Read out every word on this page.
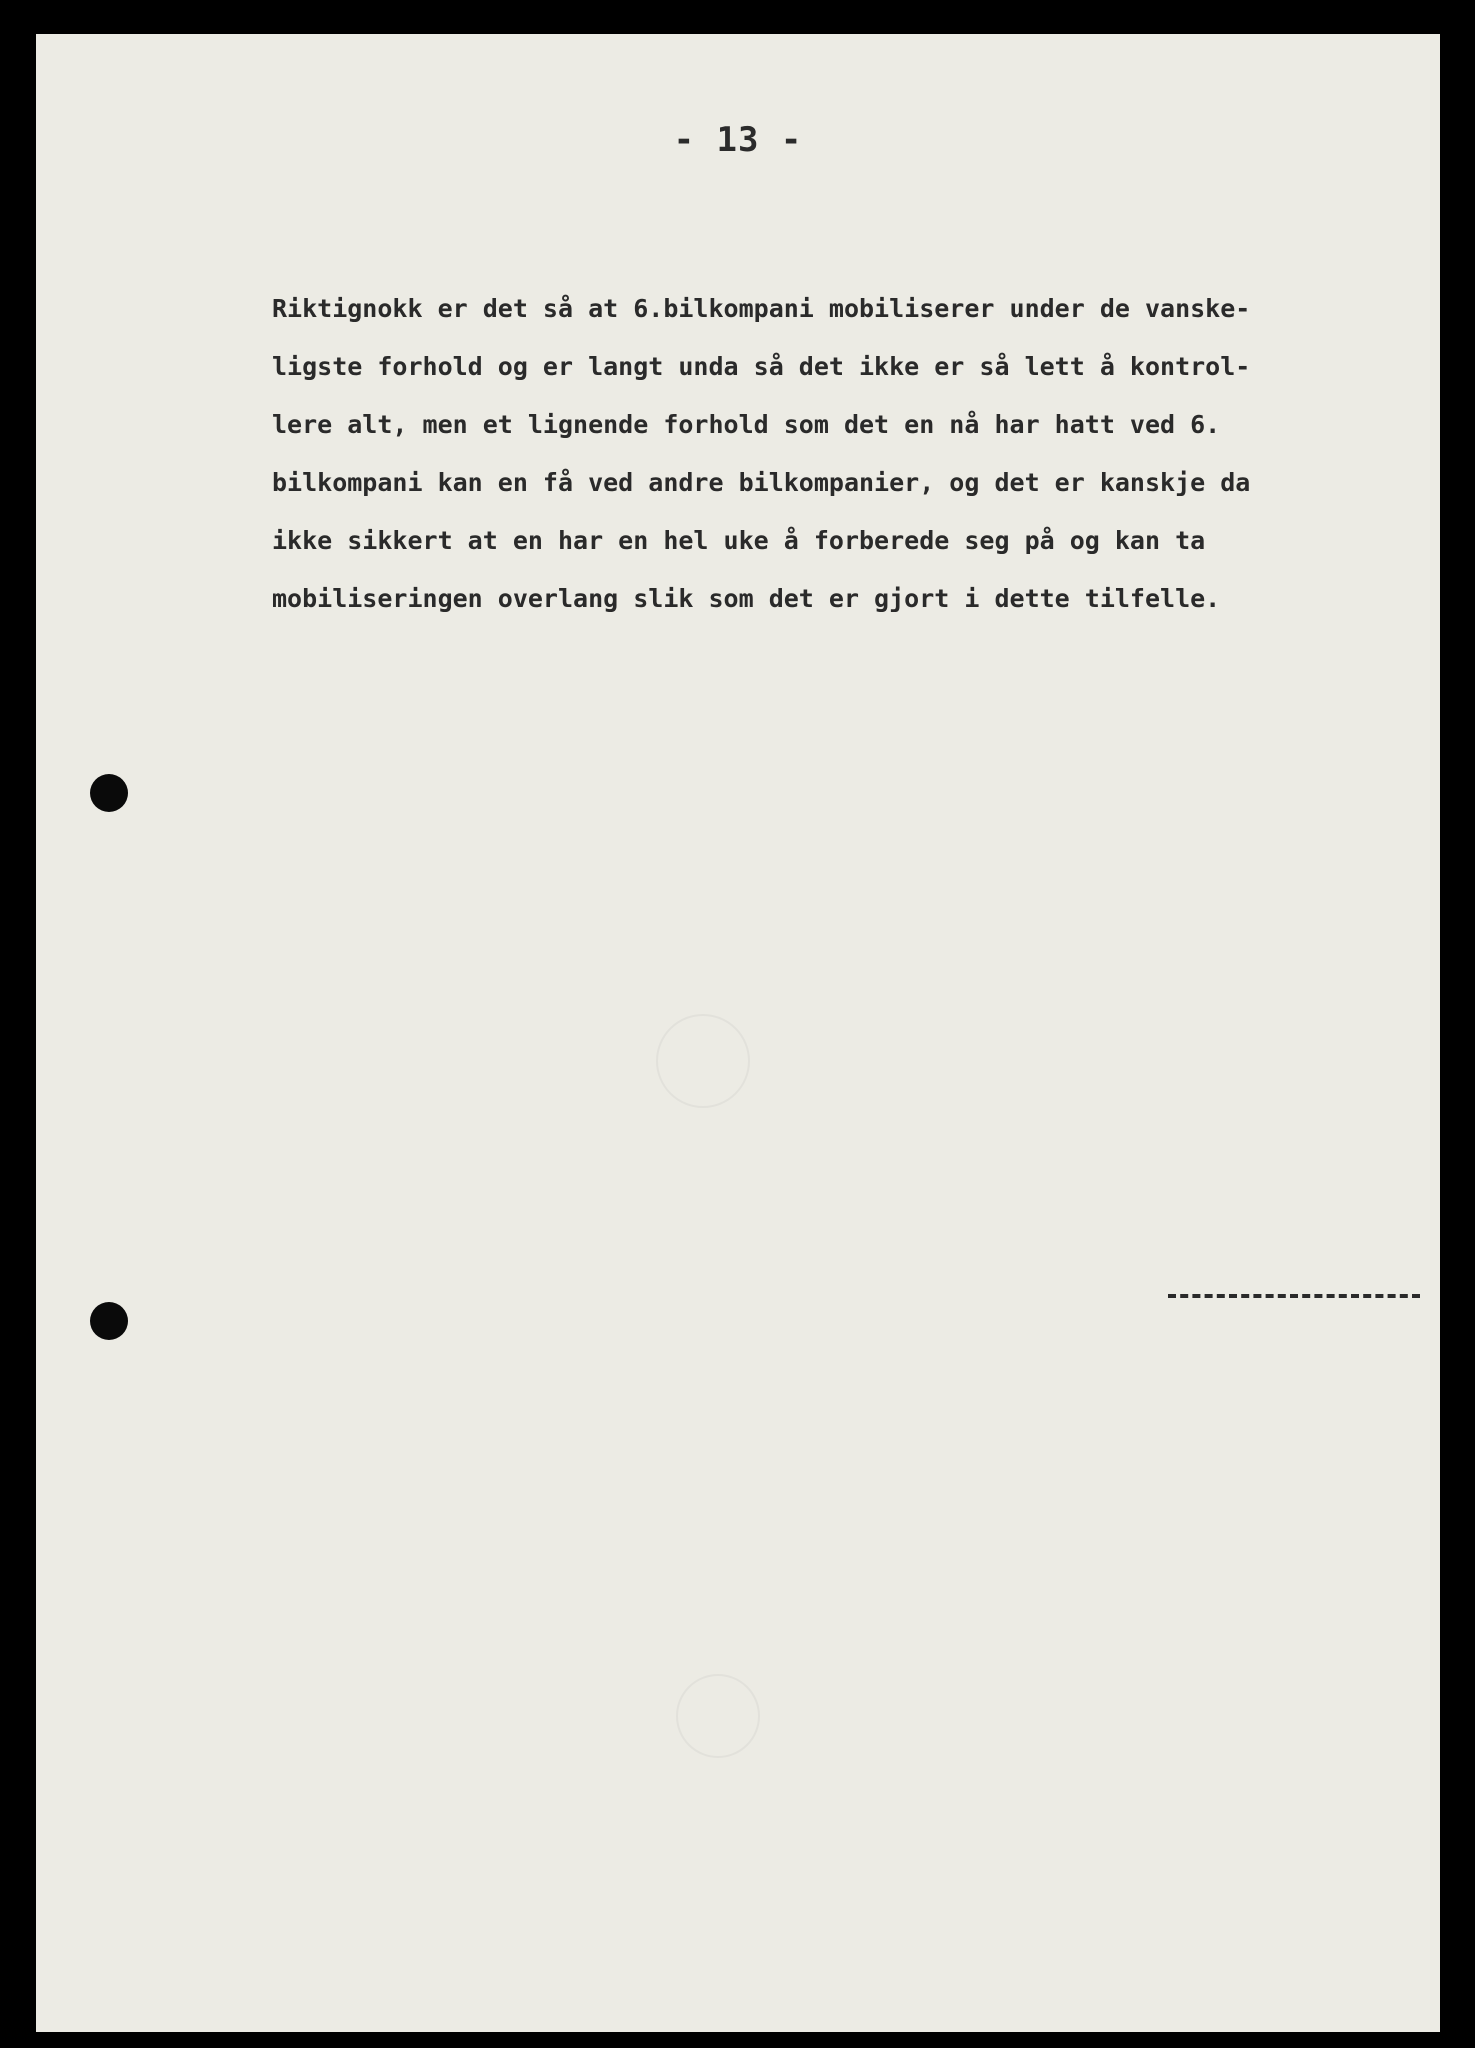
- 13 -

Riktignokk er det så at 6.bilkompani mobiliserer under de vanske-
ligste forhold og er langt unda så det ikke er så lett å kontrol-
lere alt, men et lignende forhold som det en nå har hatt ved 6.
bilkompani kan en få ved andre bilkompanier, og det er kanskje da
ikke sikkert at en har en hel uke å forberede seg på og kan ta
mobiliseringen overlang slik som det er gjort i dette tilfelle.
